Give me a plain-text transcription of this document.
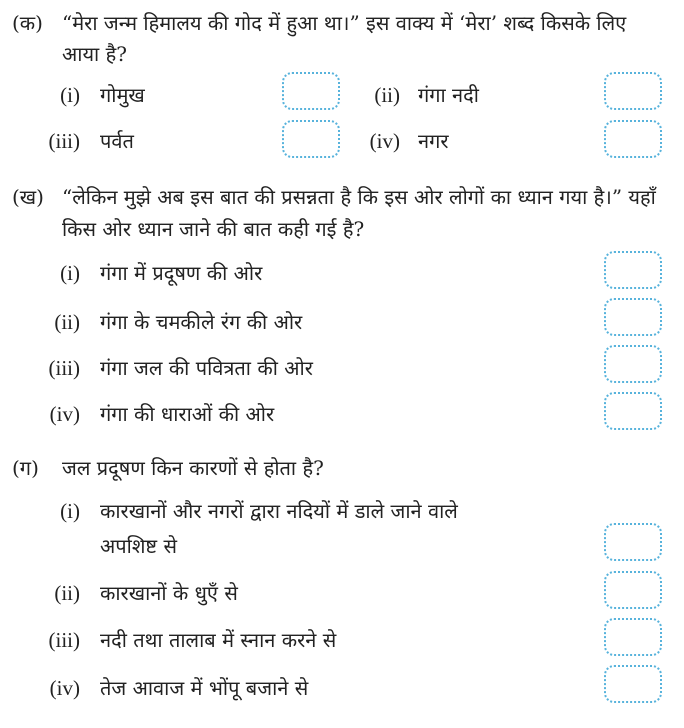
(क) “मेरा जन्म हिमालय की गोद में हुआ था।” इस वाक्य में ‘मेरा’ शब्द किसके लिए
आया है?
(i) गोमुख	(ii) गंगा नदी
(iii) पर्वत	(iv) नगर
(ख) “लेकिन मुझे अब इस बात की प्रसन्नता है कि इस ओर लोगों का ध्यान गया है।” यहाँ
किस ओर ध्यान जाने की बात कही गई है?
(i) गंगा में प्रदूषण की ओर
(ii) गंगा के चमकीले रंग की ओर
(iii) गंगा जल की पवित्रता की ओर
(iv) गंगा की धाराओं की ओर
(ग) जल प्रदूषण किन कारणों से होता है?
(i) कारखानों और नगरों द्वारा नदियों में डाले जाने वाले
अपशिष्ट से
(ii) कारखानों के धुएँ से
(iii) नदी तथा तालाब में स्नान करने से
(iv) तेज आवाज में भोंपू बजाने से
